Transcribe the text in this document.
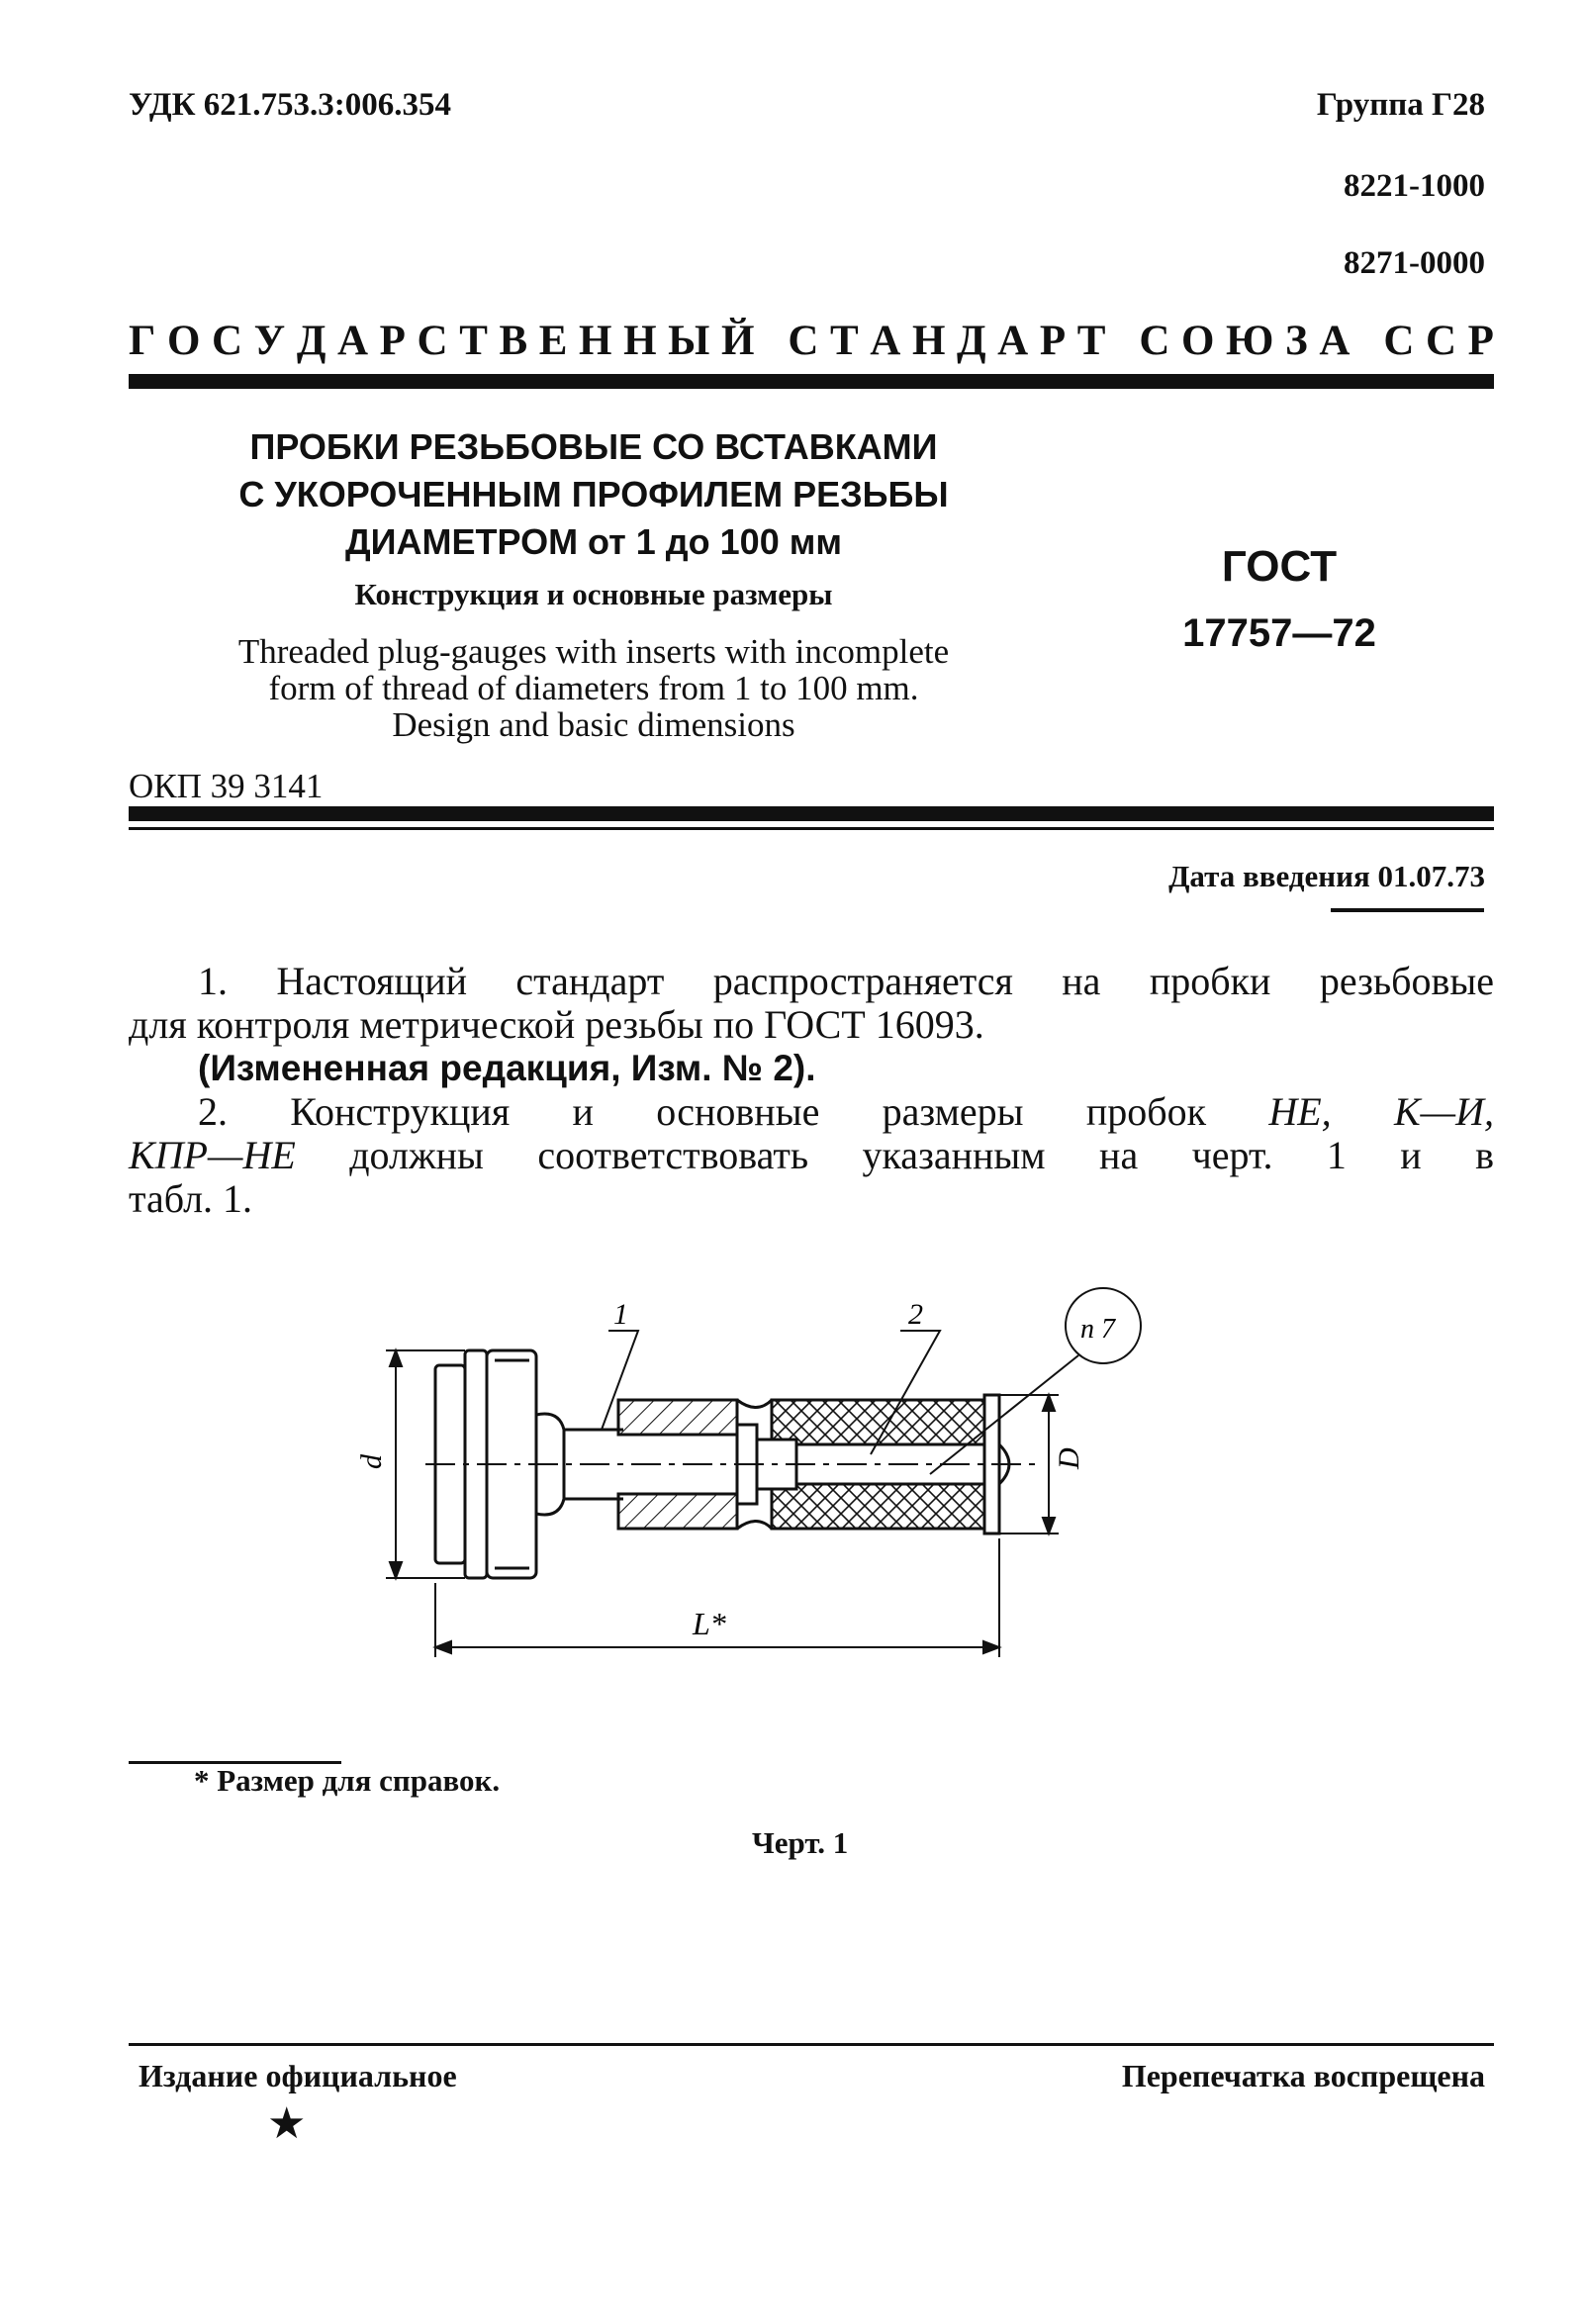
УДК 621.753.3:006.354	Группа Г28
8221-1000
8271-0000
Г О С У Д А Р С Т В Е Н Н Ы Й
С Т А Н Д А Р Т
С О Ю З А
С С Р
ПРОБКИ РЕЗЬБОВЫЕ СО ВСТАВКАМИ
С УКОРОЧЕННЫМ ПРОФИЛЕМ РЕЗЬБЫ
ДИАМЕТРОМ от 1 до 100 мм
Конструкция и основные размеры
Threaded plug-gauges with inserts with incomplete
form of thread of diameters from 1 to 100 mm.
Design and basic dimensions
ГОСТ
17757—72
ОКП 39 3141
Дата введения 01.07.73

1. Настоящий стандарт распространяется на пробки резьбовые

для контроля метрической резьбы по ГОСТ 16093.

(Измененная редакция, Изм. № 2).

2. Конструкция и основные размеры пробок НЕ, К—И,

КПР—НЕ должны соответствовать указанным на черт. 1 и в

табл. 1.

d	D
L*
1	2	п 7
* Размер для справок.
Черт. 1
Издание официальное	Перепечатка воспрещена
★
